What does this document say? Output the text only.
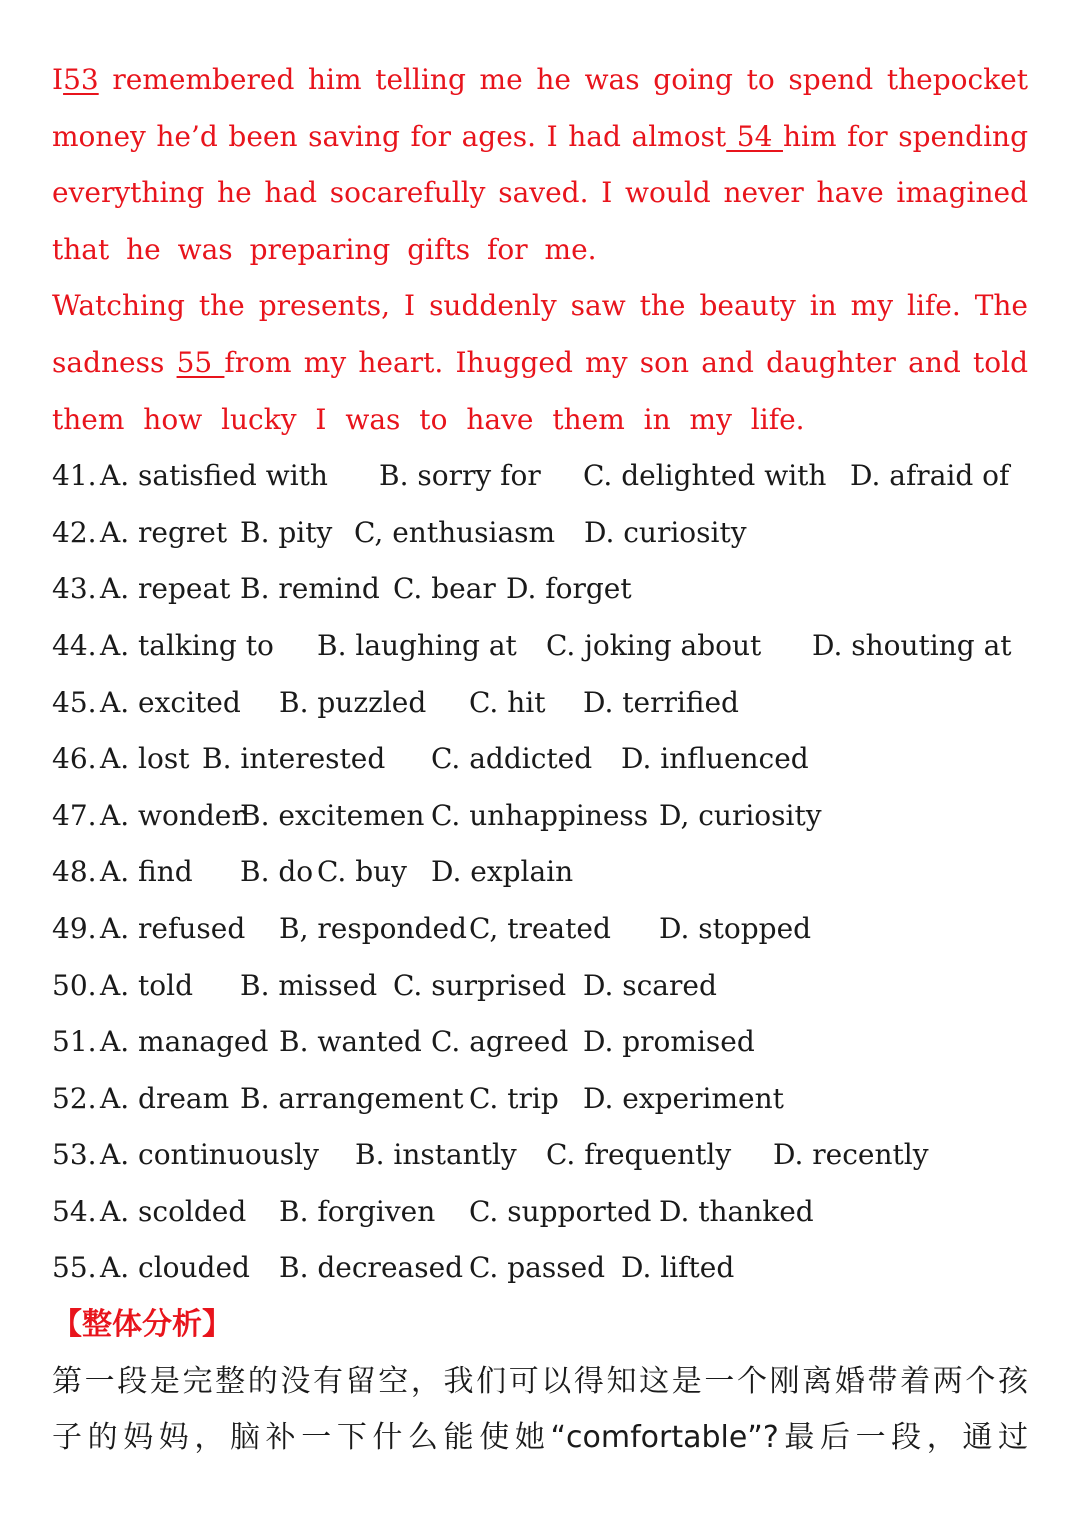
I53 remembered him telling me he was going to spend thepocket
money he’d been saving for ages. I had almost 54 him for spending
everything he had socarefully saved. I would never have imagined
that he was preparing gifts for me.
Watching the presents, I suddenly saw the beauty in my life. The
sadness 55 from my heart. Ihugged my son and daughter and told
them how lucky I was to have them in my life.
41. A. satisfied with B. sorry for C. delighted with D. afraid of
42. A. regret B. pity C, enthusiasm D. curiosity
43. A. repeat B. remind C. bear D. forget
44. A. talking to B. laughing at C. joking about D. shouting at
45. A. excited B. puzzled C. hit D. terrified
46. A. lost B. interested C. addicted D. influenced
47. A. wonder
B. excitemen C. unhappiness D, curiosity
48. A. find B. do C. buy D. explain
49. A. refused B, responded C, treated D. stopped
50. A. told B. missed C. surprised D. scared
51. A. managed B. wanted C. agreed D. promised
52. A. dream B. arrangement C. trip D. experiment
53. A. continuously B. instantly C. frequently D. recently
54. A. scolded B. forgiven C. supported D. thanked
55. A. clouded B. decreased C. passed D. lifted
【整体分析】
第一段是完整的没有留空，我们可以得知这是一个刚离婚带着两个孩
子的妈妈，脑补一下什么能使她“comfortable”?最后一段，通过
